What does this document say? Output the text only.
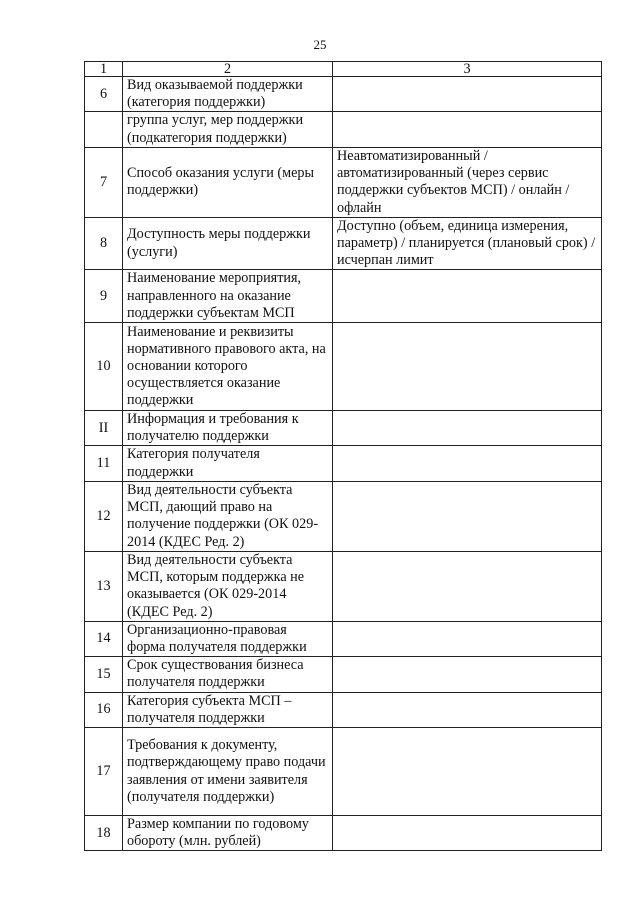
25
1	2	3
6	Вид оказываемой поддержки (категория поддержки)	
	группа услуг, мер поддержки (подкатегория поддержки)	
7	Способ оказания услуги (меры поддержки)	Неавтоматизированный / автоматизированный (через сервис поддержки субъектов МСП) / онлайн / офлайн
8	Доступность меры поддержки (услуги)	Доступно (объем, единица измерения, параметр) / планируется (плановый срок) /исчерпан лимит
9	Наименование мероприятия, направленного на оказание поддержки субъектам МСП	
10	Наименование и реквизиты нормативного правового акта, на основании которого осуществляется оказание поддержки	
II	Информация и требования к получателю поддержки	
11	Категория получателя поддержки	
12	Вид деятельности субъекта МСП, дающий право на получение поддержки (ОК 029-2014 (КДЕС Ред. 2)	
13	Вид деятельности субъекта МСП, которым поддержка не оказывается (ОК 029-2014 (КДЕС Ред. 2)	
14	Организационно-правовая форма получателя поддержки	
15	Срок существования бизнеса получателя поддержки	
16	Категория субъекта МСП – получателя поддержки	
17	Требования к документу, подтверждающему право подачи заявления от имени заявителя (получателя поддержки)	
18	Размер компании по годовому обороту (млн. рублей)	
